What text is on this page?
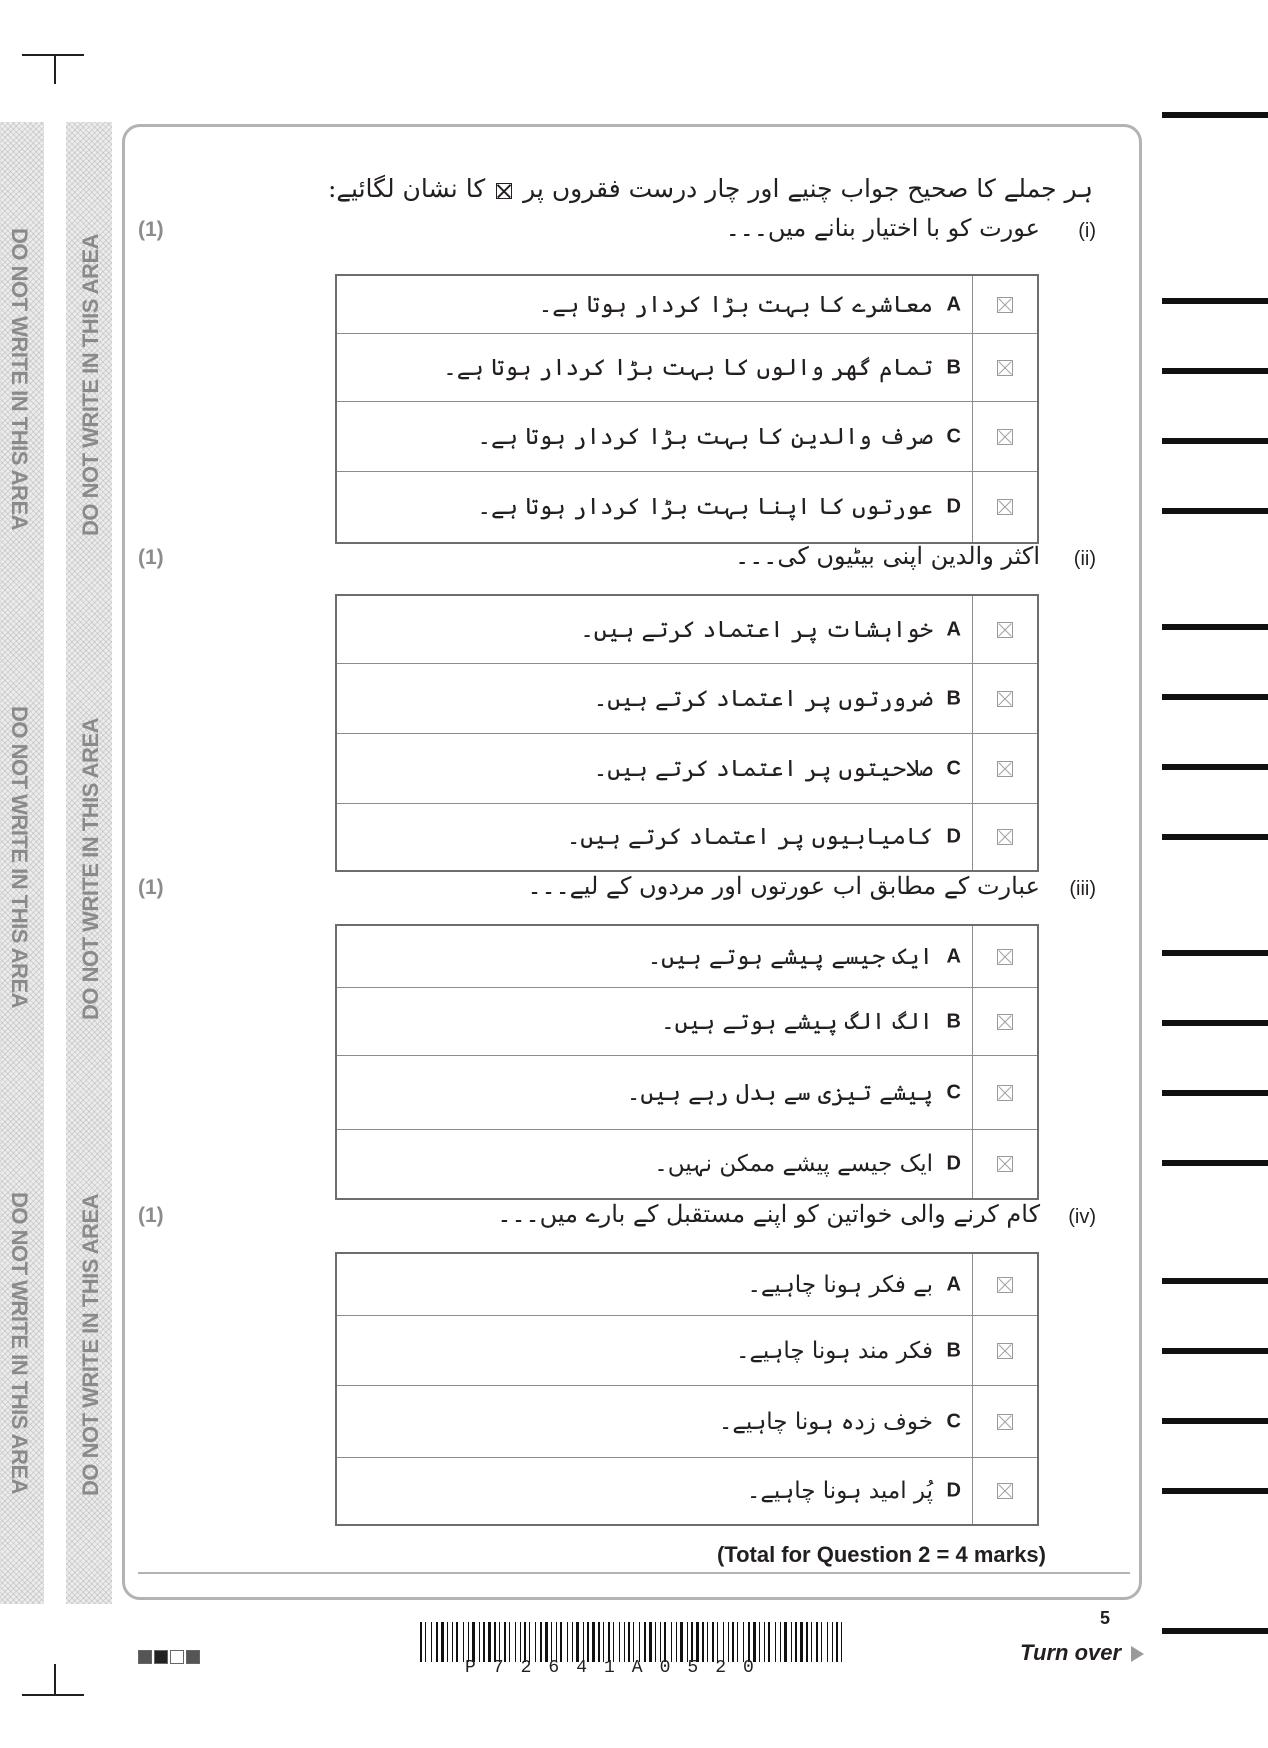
DO NOT WRITE IN THIS AREA
DO NOT WRITE IN THIS AREA
DO NOT WRITE IN THIS AREA
DO NOT WRITE IN THIS AREA
DO NOT WRITE IN THIS AREA
DO NOT WRITE IN THIS AREA
ہر جملے کا صحیح جواب چنیے اور چار درست فقروں پر  کا نشان لگائیے:
(1)	(i)
عورت کو با اختیار بنانے میں۔۔۔
A
معاشرے کا بہت بڑا کردار ہوتا ہے۔
B
تمام گھر والوں کا بہت بڑا کردار ہوتا ہے۔
C
صرف والدین کا بہت بڑا کردار ہوتا ہے۔
D
عورتوں کا اپنا بہت بڑا کردار ہوتا ہے۔
(1)	(ii)
اکثر والدین اپنی بیٹیوں کی۔۔۔
A
خواہشات پر اعتماد کرتے ہیں۔
B
ضرورتوں پر اعتماد کرتے ہیں۔
C
صلاحیتوں پر اعتماد کرتے ہیں۔
D
کامیابیوں پر اعتماد کرتے ہیں۔
(1)	(iii)
عبارت کے مطابق اب عورتوں اور مردوں کے لیے۔۔۔
A
ایک جیسے پیشے ہوتے ہیں۔
B
الگ الگ پیشے ہوتے ہیں۔
C
پیشے تیزی سے بدل رہے ہیں۔
D
ایک جیسے پیشے ممکن نہیں۔
(1)	(iv)
کام کرنے والی خواتین کو اپنے مستقبل کے بارے میں۔۔۔
A
بے فکر ہونا چاہیے۔
B
فکر مند ہونا چاہیے۔
C
خوف زدہ ہونا چاہیے۔
D
پُر امید ہونا چاہیے۔
(Total for Question 2 = 4 marks)
P72641A0520
5
Turn over
